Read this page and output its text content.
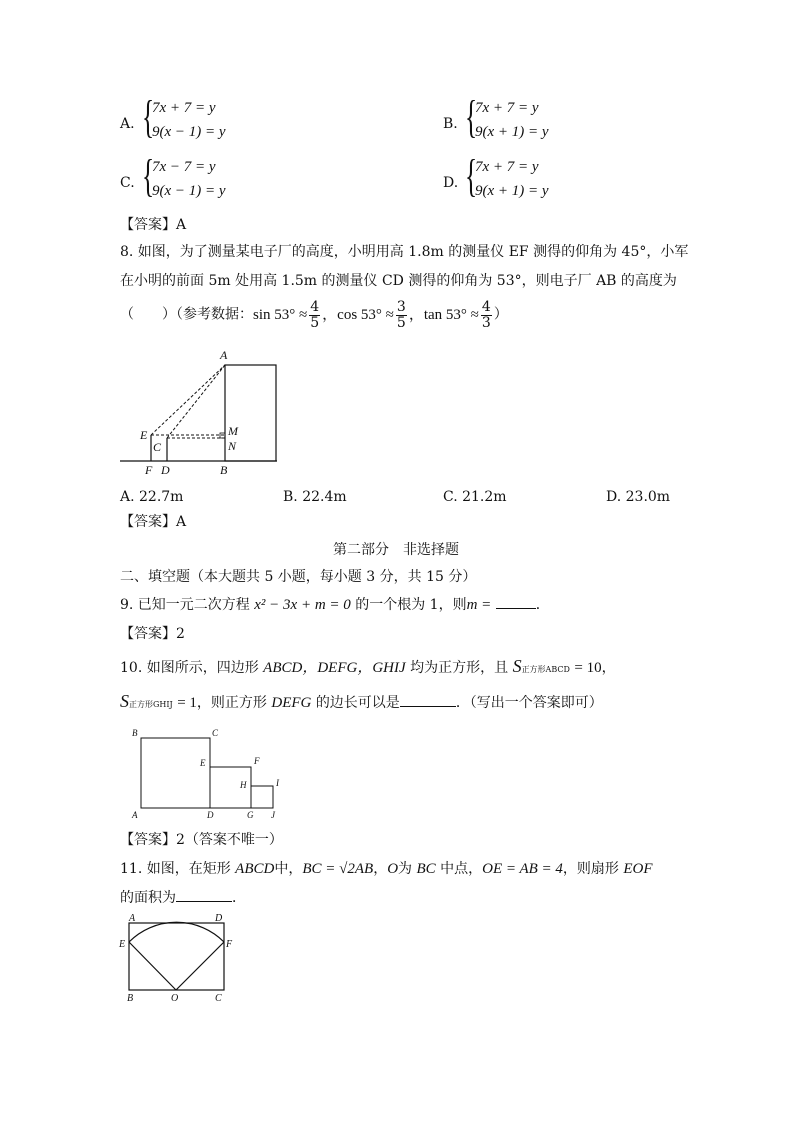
A. {
7x + 7 = y
9(x − 1) = y	B. {
7x + 7 = y
9(x + 1) = y
C. {
7x − 7 = y
9(x − 1) = y	D. {
7x + 7 = y
9(x + 1) = y
【答案】A
8. 如图，为了测量某电子厂的高度，小明用高 1.8m 的测量仪 EF 测得的仰角为 45°，小军
在小明的前面 5m 处用高 1.5m 的测量仪 CD 测得的仰角为 53°，则电子厂 AB 的高度为
（　　）（参考数据：$\sin 53^\circ \approx \frac{4}{5}$ ，$\cos 53^\circ \approx \frac{3}{5}$ ，$\tan 53^\circ \approx \frac{4}{3}$ ）
A
E
C
M
N
F D	B
A. 22.7m	B. 22.4m	C. 21.2m	D. 23.0m
【答案】A
第二部分　非选择题
二、填空题（本大题共 5 小题，每小题 3 分，共 15 分）
9. 已知一元二次方程 x² − 3x + m = 0 的一个根为 1，则m =	．
【答案】2
10. 如图所示，四边形 ABCD，DEFG，GHIJ 均为正方形，且 S正方形ABCD = 10，
S正方形GHIJ = 1，则正方形 DEFG 的边长可以是	．（写出一个答案即可）
B	C
E	F
H	I
A	D	G J
【答案】2（答案不唯一）
11. 如图，在矩形 ABCD中，BC = √2AB，O为 BC 中点，OE = AB = 4，则扇形 EOF
的面积为	．
A	D
E	F
B	O	C
